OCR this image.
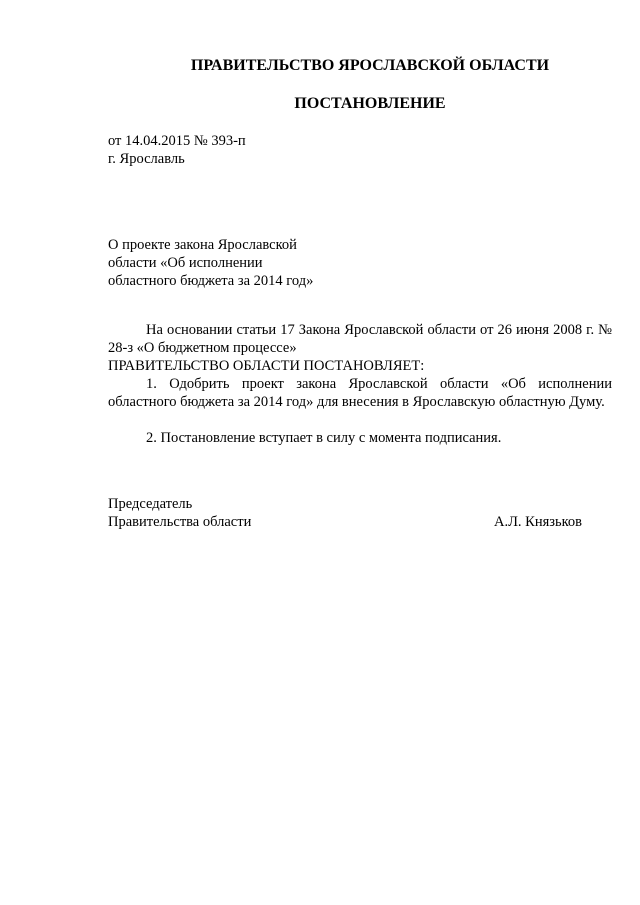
ПРАВИТЕЛЬСТВО ЯРОСЛАВСКОЙ ОБЛАСТИ
ПОСТАНОВЛЕНИЕ
от 14.04.2015 № 393-п
г. Ярославль
О проекте закона Ярославской
области «Об исполнении
областного бюджета за 2014 год»
На основании статьи 17 Закона Ярославской области от 26 июня 2008 г. № 28-з «О бюджетном процессе»
ПРАВИТЕЛЬСТВО ОБЛАСТИ ПОСТАНОВЛЯЕТ:
1. Одобрить проект закона Ярославской области «Об исполнении областного бюджета за 2014 год» для внесения в Ярославскую областную Думу.
2. Постановление вступает в силу с момента подписания.
Председатель
Правительства области	А.Л. Князьков
